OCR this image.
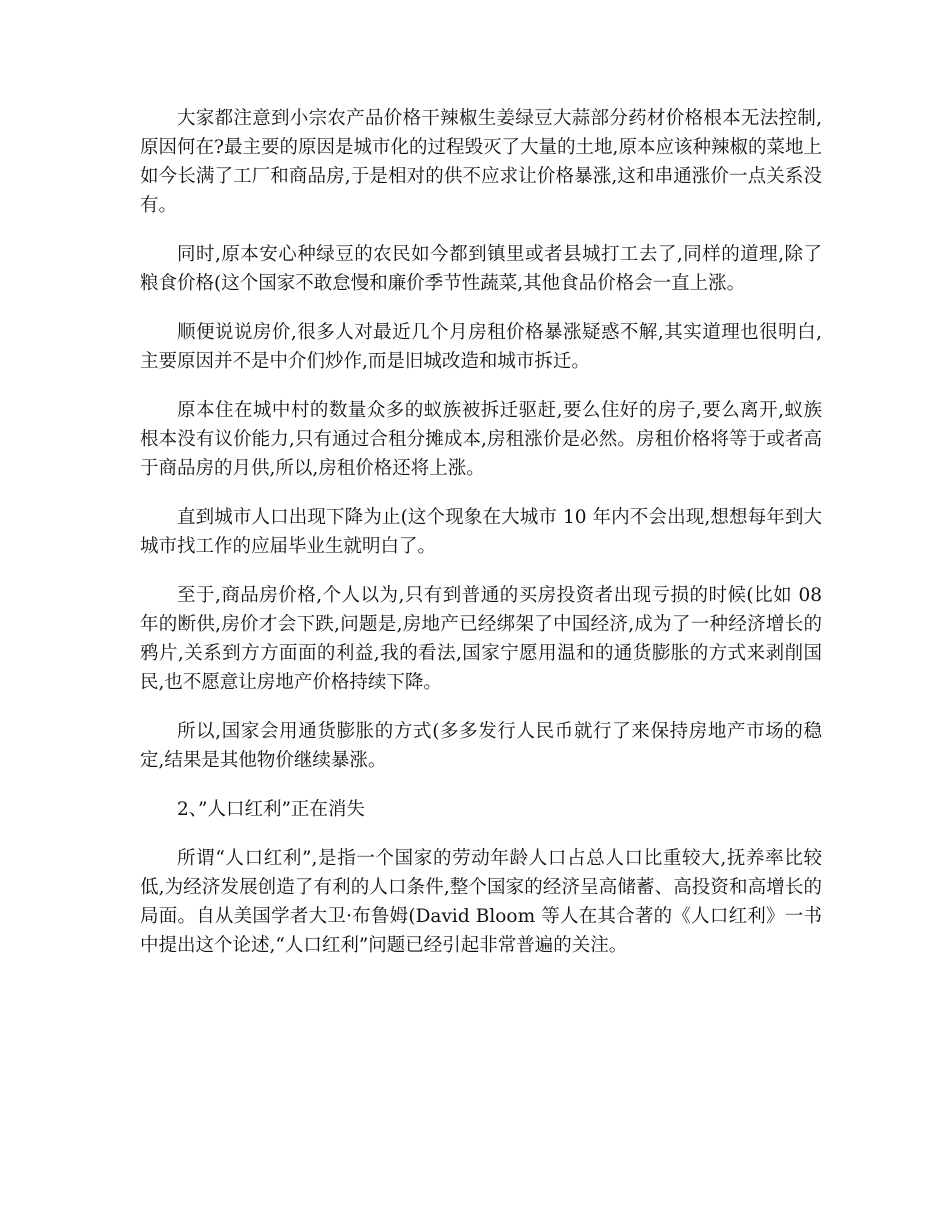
大家都注意到小宗农产品价格干辣椒生姜绿豆大蒜部分药材价格根本无法控制,原因何在?最主要的原因是城市化的过程毁灭了大量的土地,原本应该种辣椒的菜地上如今长满了工厂和商品房,于是相对的供不应求让价格暴涨,这和串通涨价一点关系没有。

同时,原本安心种绿豆的农民如今都到镇里或者县城打工去了,同样的道理,除了粮食价格(这个国家不敢怠慢和廉价季节性蔬菜,其他食品价格会一直上涨。

顺便说说房价,很多人对最近几个月房租价格暴涨疑惑不解,其实道理也很明白,主要原因并不是中介们炒作,而是旧城改造和城市拆迁。

原本住在城中村的数量众多的蚁族被拆迁驱赶,要么住好的房子,要么离开,蚁族根本没有议价能力,只有通过合租分摊成本,房租涨价是必然。房租价格将等于或者高于商品房的月供,所以,房租价格还将上涨。

直到城市人口出现下降为止(这个现象在大城市 10 年内不会出现,想想每年到大城市找工作的应届毕业生就明白了。

至于,商品房价格,个人以为,只有到普通的买房投资者出现亏损的时候(比如 08 年的断供,房价才会下跌,问题是,房地产已经绑架了中国经济,成为了一种经济增长的鸦片,关系到方方面面的利益,我的看法,国家宁愿用温和的通货膨胀的方式来剥削国民,也不愿意让房地产价格持续下降。

所以,国家会用通货膨胀的方式(多多发行人民币就行了来保持房地产市场的稳定,结果是其他物价继续暴涨。

2、”人口红利”正在消失

所谓“人口红利”,是指一个国家的劳动年龄人口占总人口比重较大,抚养率比较低,为经济发展创造了有利的人口条件,整个国家的经济呈高储蓄、高投资和高增长的局面。自从美国学者大卫·布鲁姆(David Bloom 等人在其合著的《人口红利》一书中提出这个论述,“人口红利”问题已经引起非常普遍的关注。
